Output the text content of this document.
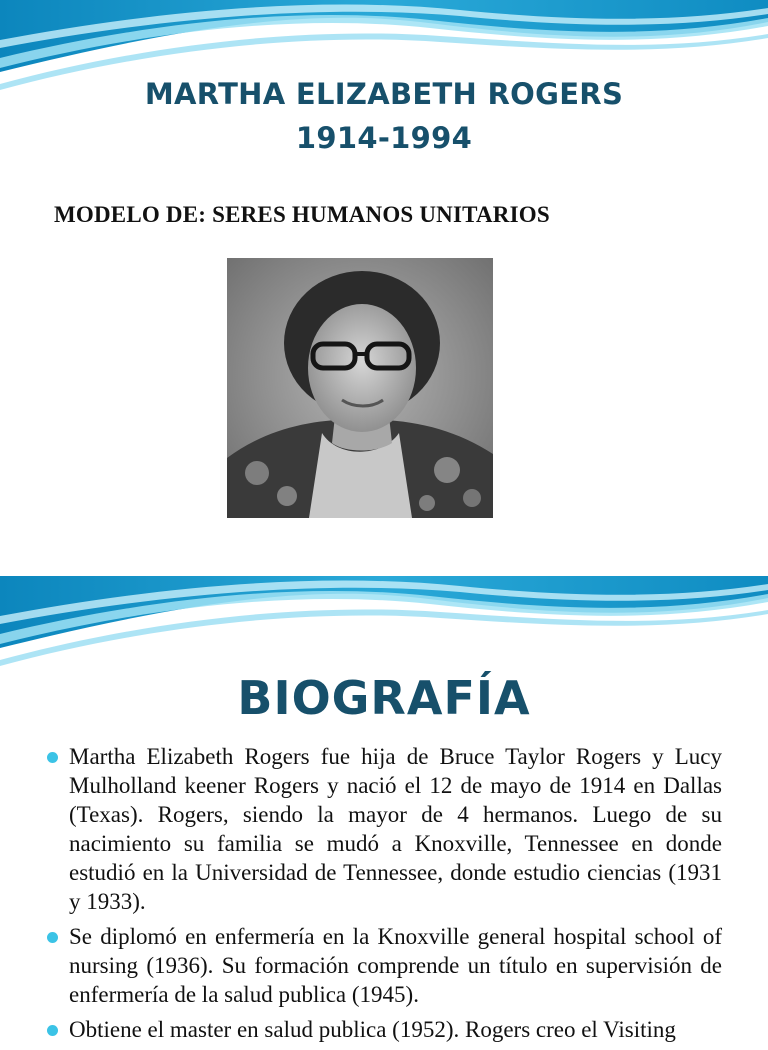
MARTHA ELIZABETH ROGERS
1914-1994
MODELO DE: SERES HUMANOS UNITARIOS
BIOGRAFÍA
Martha Elizabeth Rogers fue hija de Bruce Taylor Rogers y Lucy Mulholland keener Rogers y nació el 12 de mayo de 1914 en Dallas (Texas). Rogers, siendo la mayor de 4 hermanos. Luego de su nacimiento su familia se mudó a Knoxville, Tennessee en donde estudió en la Universidad de Tennessee, donde estudio ciencias (1931 y 1933).
Se diplomó en enfermería en la Knoxville general hospital school of nursing (1936). Su formación comprende un título en supervisión de enfermería de la salud publica (1945).
Obtiene el master en salud publica (1952). Rogers creo el Visiting
